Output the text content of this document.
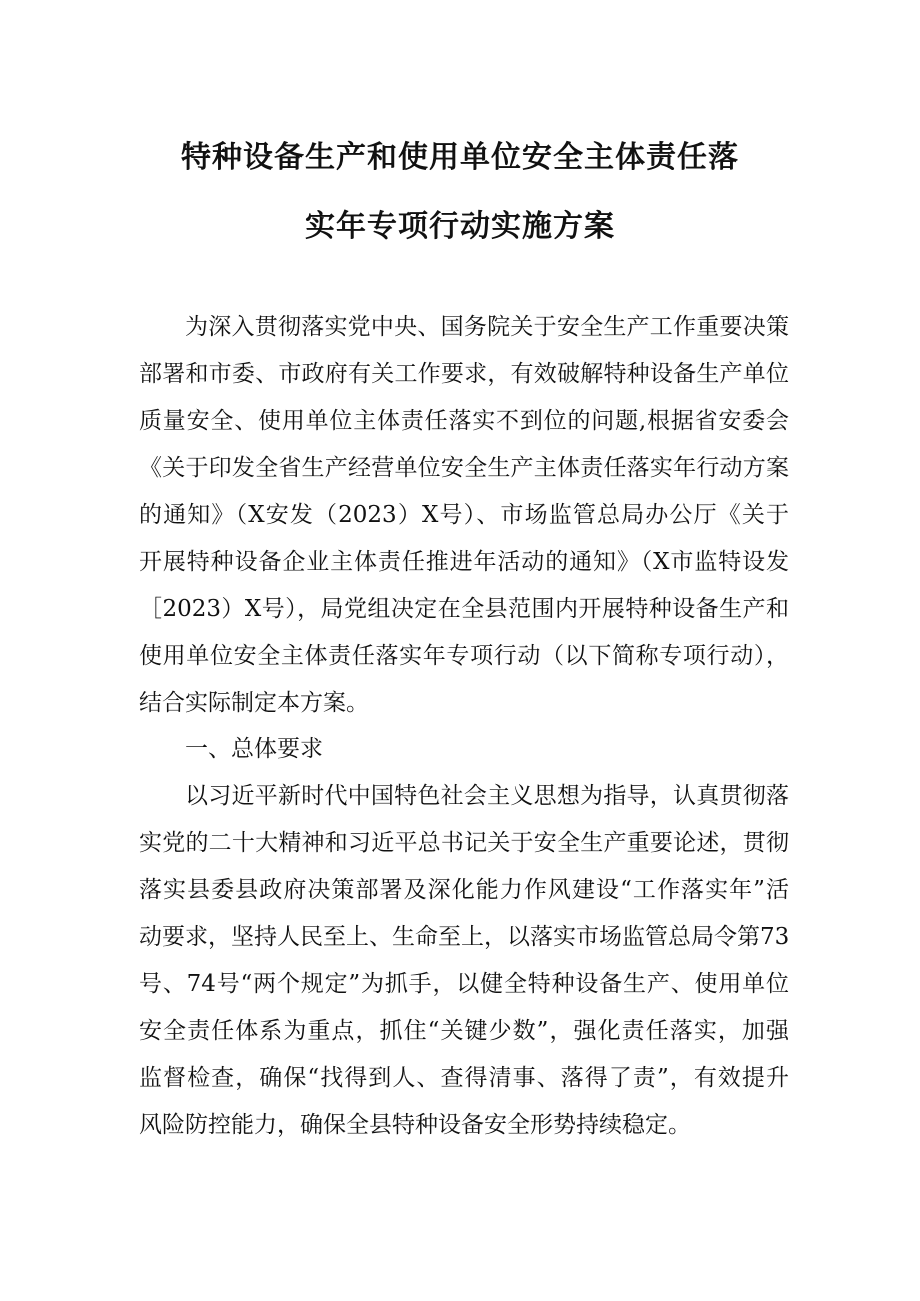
特种设备生产和使用单位安全主体责任落
实年专项行动实施方案
为深入贯彻落实党中央、国务院关于安全生产工作重要决策
部署和市委、市政府有关工作要求，有效破解特种设备生产单位
质量安全、使用单位主体责任落实不到位的问题,根据省安委会
《关于印发全省生产经营单位安全生产主体责任落实年行动方案
的通知》（X安发（2023）X号）、市场监管总局办公厅《关于
开展特种设备企业主体责任推进年活动的通知》（X市监特设发
［2023）X号），局党组决定在全县范围内开展特种设备生产和
使用单位安全主体责任落实年专项行动（以下简称专项行动），
结合实际制定本方案。
一、总体要求
以习近平新时代中国特色社会主义思想为指导，认真贯彻落
实党的二十大精神和习近平总书记关于安全生产重要论述，贯彻
落实县委县政府决策部署及深化能力作风建设“工作落实年”活
动要求，坚持人民至上、生命至上，以落实市场监管总局令第73
号、74号“两个规定”为抓手，以健全特种设备生产、使用单位
安全责任体系为重点，抓住“关键少数”，强化责任落实，加强
监督检查，确保“找得到人、查得清事、落得了责”，有效提升
风险防控能力，确保全县特种设备安全形势持续稳定。
